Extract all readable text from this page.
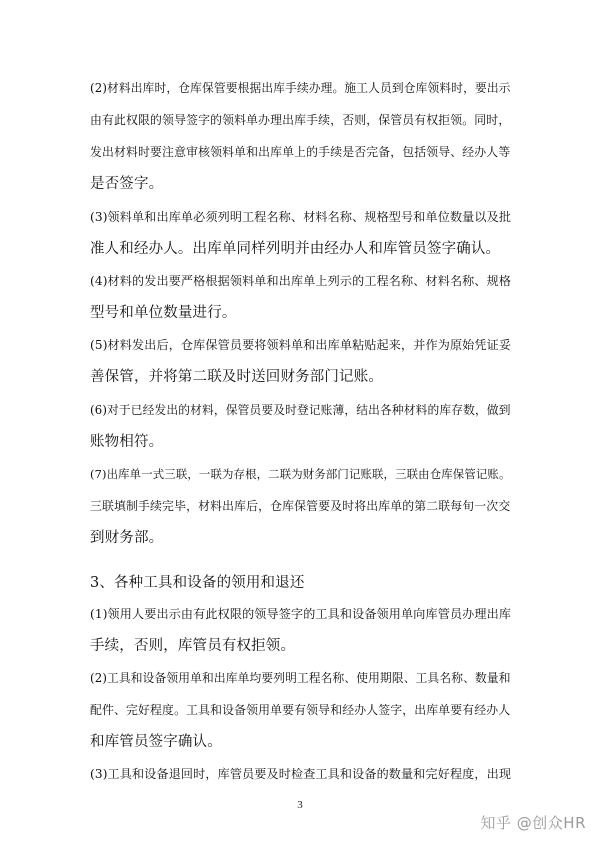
(2)材料出库时，仓库保管要根据出库手续办理。施工人员到仓库领料时，要出示
由有此权限的领导签字的领料单办理出库手续，否则，保管员有权拒领。同时，
发出材料时要注意审核领料单和出库单上的手续是否完备，包括领导、经办人等
是否签字。
(3)领料单和出库单必须列明工程名称、材料名称、规格型号和单位数量以及批
准人和经办人。出库单同样列明并由经办人和库管员签字确认。
(4)材料的发出要严格根据领料单和出库单上列示的工程名称、材料名称、规格
型号和单位数量进行。
(5)材料发出后，仓库保管员要将领料单和出库单粘贴起来，并作为原始凭证妥
善保管，并将第二联及时送回财务部门记账。
(6)对于已经发出的材料，保管员要及时登记账薄，结出各种材料的库存数，做到
账物相符。
(7)出库单一式三联，一联为存根，二联为财务部门记账联，三联由仓库保管记账。
三联填制手续完毕，材料出库后，仓库保管要及时将出库单的第二联每旬一次交
到财务部。
3、各种工具和设备的领用和退还
(1)领用人要出示由有此权限的领导签字的工具和设备领用单向库管员办理出库
手续，否则，库管员有权拒领。
(2)工具和设备领用单和出库单均要列明工程名称、使用期限、工具名称、数量和
配件、完好程度。工具和设备领用单要有领导和经办人签字，出库单要有经办人
和库管员签字确认。
(3)工具和设备退回时，库管员要及时检查工具和设备的数量和完好程度，出现
3
知乎 @创众HR
